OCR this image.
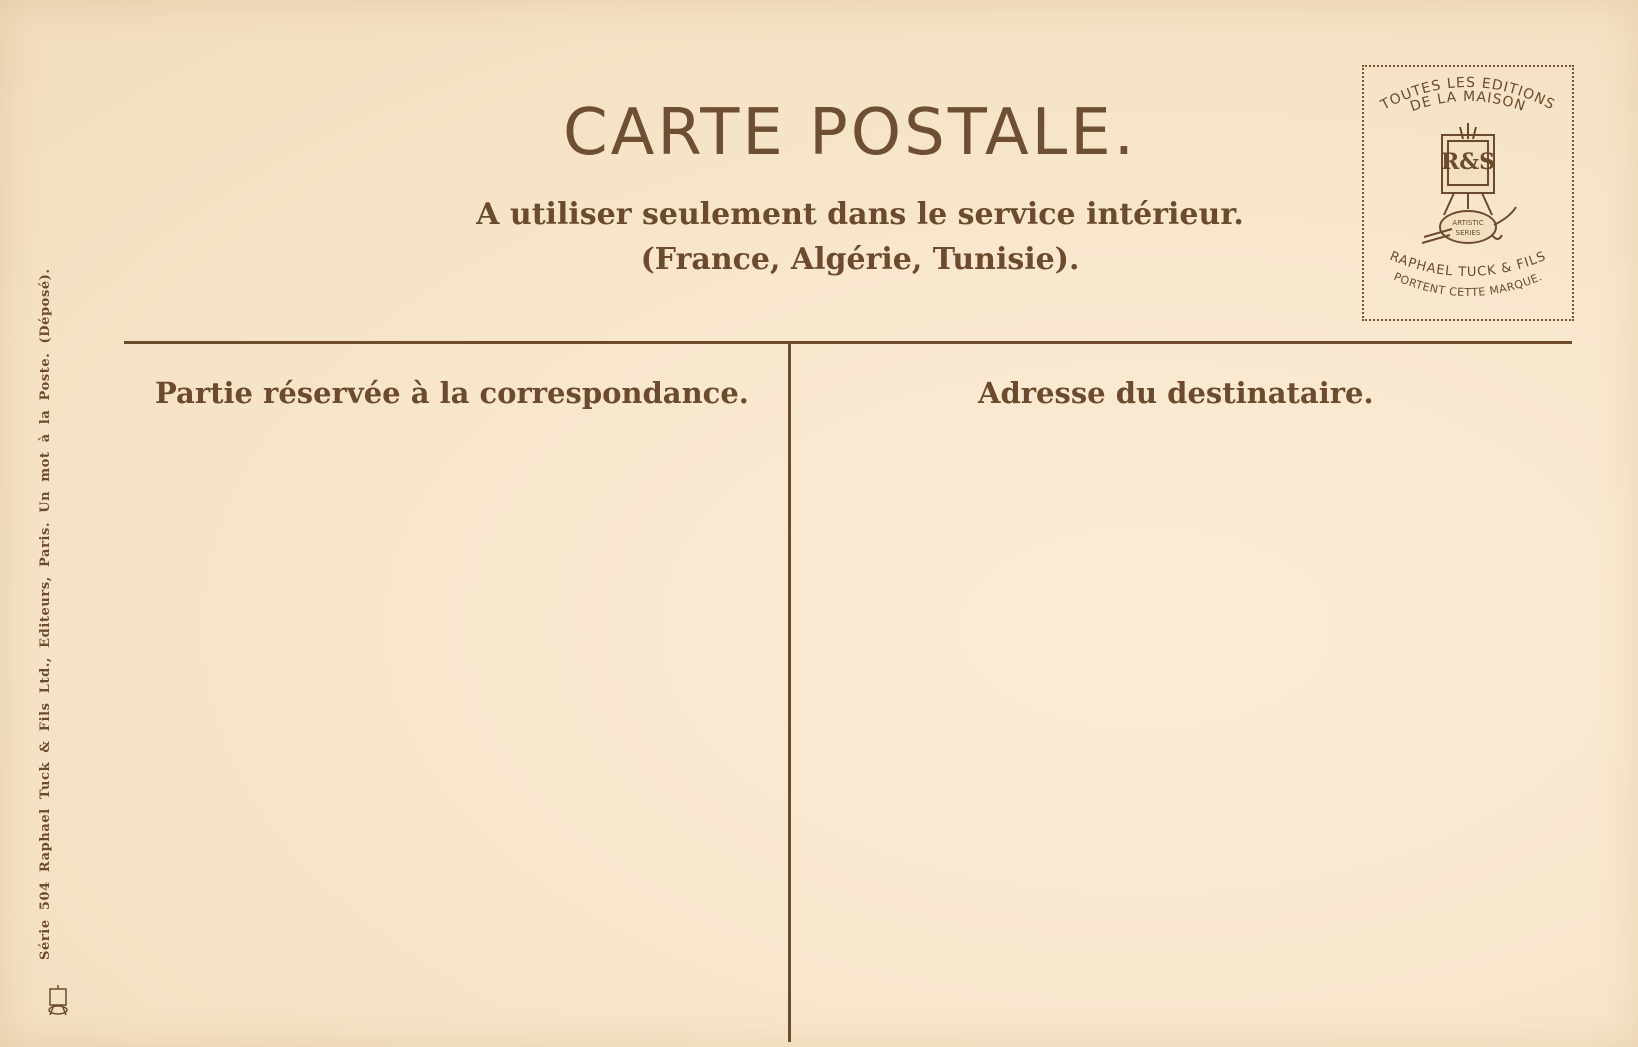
CARTE POSTALE.
A utiliser seulement dans le service intérieur.
(France, Algérie, Tunisie).
TOUTES LES EDITIONS
DE LA MAISON
R&S
ARTISTIC
SERIES
RAPHAEL TUCK & FILS
PORTENT CETTE MARQUE.
Partie réservée à la correspondance.	Adresse du destinataire.
Série 504 Raphael Tuck & Fils Ltd., Editeurs, Paris. Un mot à la Poste. (Déposé).
